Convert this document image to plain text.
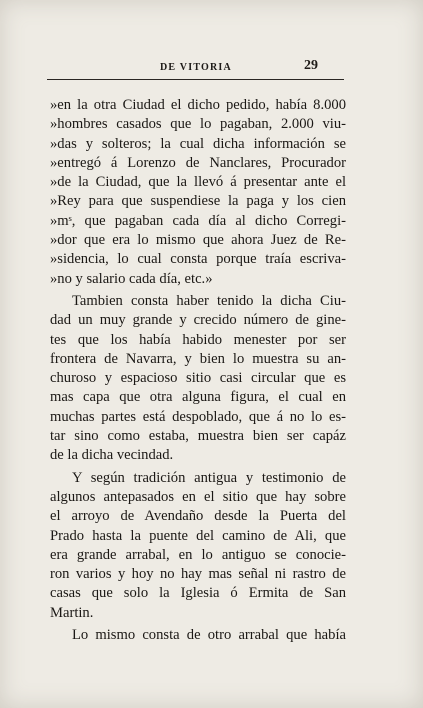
DE VITORIA	29
»en la otra Ciudad el dicho pedido, había 8.000
»hombres casados que lo pagaban, 2.000 viu-
»das y solteros; la cual dicha información se
»entregó á Lorenzo de Nanclares, Procurador
»de la Ciudad, que la llevó á presentar ante el
»Rey para que suspendiese la paga y los cien
»mˢ, que pagaban cada día al dicho Corregi-
»dor que era lo mismo que ahora Juez de Re-
»sidencia, lo cual consta porque traía escriva-
»no y salario cada día, etc.»
Tambien consta haber tenido la dicha Ciu-
dad un muy grande y crecido número de gine-
tes que los había habido menester por ser
frontera de Navarra, y bien lo muestra su an-
churoso y espacioso sitio casi circular que es
mas capa que otra alguna figura, el cual en
muchas partes está despoblado, que á no lo es-
tar sino como estaba, muestra bien ser capáz
de la dicha vecindad.
Y según tradición antigua y testimonio de
algunos antepasados en el sitio que hay sobre
el arroyo de Avendaño desde la Puerta del
Prado hasta la puente del camino de Ali, que
era grande arrabal, en lo antiguo se conocie-
ron varios y hoy no hay mas señal ni rastro de
casas que solo la Iglesia ó Ermita de San
Martin.
Lo mismo consta de otro arrabal que había
